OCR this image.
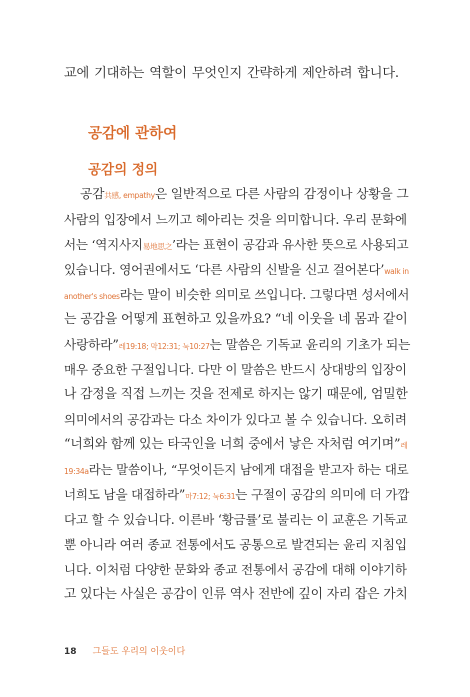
교에 기대하는 역할이 무엇인지 간략하게 제안하려 합니다.
공감에 관하여
공감의 정의
공감共感, empathy은 일반적으로 다른 사람의 감정이나 상황을 그
사람의 입장에서 느끼고 헤아리는 것을 의미합니다. 우리 문화에
서는 ‘역지사지易地思之’라는 표현이 공감과 유사한 뜻으로 사용되고
있습니다. 영어권에서도 ‘다른 사람의 신발을 신고 걸어본다’walk in
another's shoes라는 말이 비슷한 의미로 쓰입니다. 그렇다면 성서에서
는 공감을 어떻게 표현하고 있을까요? “네 이웃을 네 몸과 같이
사랑하라”레19:18; 막12:31; 눅10:27는 말씀은 기독교 윤리의 기초가 되는
매우 중요한 구절입니다. 다만 이 말씀은 반드시 상대방의 입장이
나 감정을 직접 느끼는 것을 전제로 하지는 않기 때문에, 엄밀한
의미에서의 공감과는 다소 차이가 있다고 볼 수 있습니다. 오히려
“너희와 함께 있는 타국인을 너희 중에서 낳은 자처럼 여기며”레
19:34a라는 말씀이나, “무엇이든지 남에게 대접을 받고자 하는 대로
너희도 남을 대접하라”마7:12; 눅6:31는 구절이 공감의 의미에 더 가깝
다고 할 수 있습니다. 이른바 ‘황금률’로 불리는 이 교훈은 기독교
뿐 아니라 여러 종교 전통에서도 공통으로 발견되는 윤리 지침입
니다. 이처럼 다양한 문화와 종교 전통에서 공감에 대해 이야기하
고 있다는 사실은 공감이 인류 역사 전반에 깊이 자리 잡은 가치
18 그들도 우리의 이웃이다
